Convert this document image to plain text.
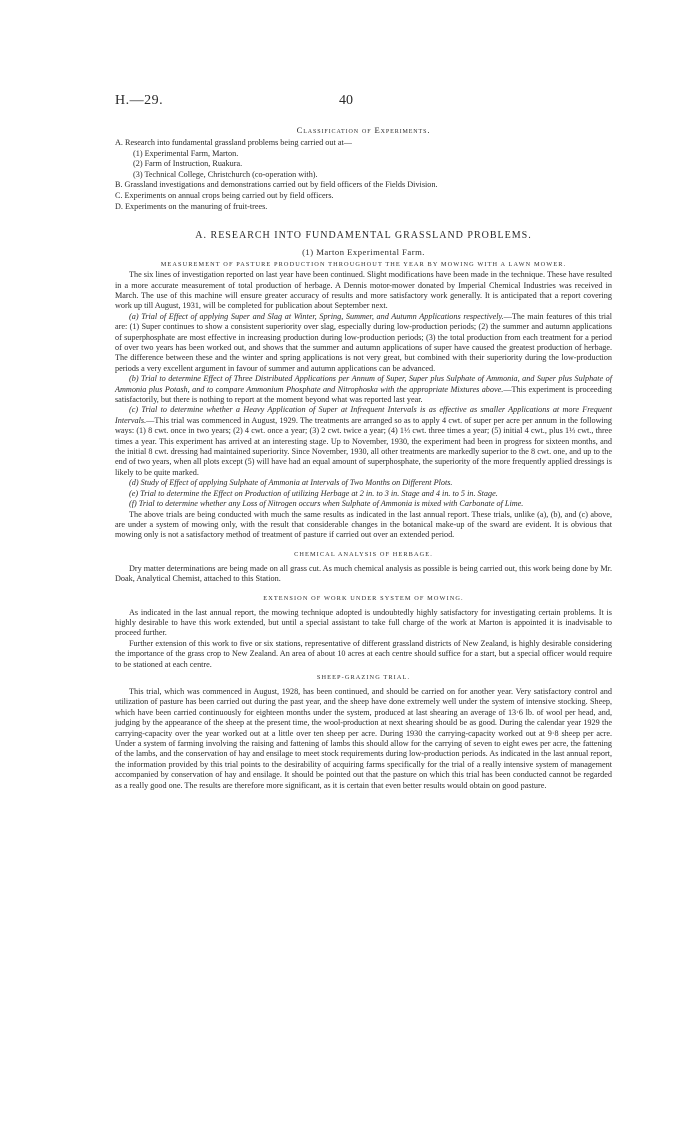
H.—29.	40
Classification of Experiments.
A. Research into fundamental grassland problems being carried out at—
(1) Experimental Farm, Marton.
(2) Farm of Instruction, Ruakura.
(3) Technical College, Christchurch (co-operation with).
B. Grassland investigations and demonstrations carried out by field officers of the Fields Division.
C. Experiments on annual crops being carried out by field officers.
D. Experiments on the manuring of fruit-trees.
A. RESEARCH INTO FUNDAMENTAL GRASSLAND PROBLEMS.
(1) Marton Experimental Farm.
MEASUREMENT OF PASTURE PRODUCTION THROUGHOUT THE YEAR BY MOWING WITH A LAWN MOWER.

The six lines of investigation reported on last year have been continued. Slight modifications have been made in the technique. These have resulted in a more accurate measurement of total production of herbage. A Dennis motor-mower donated by Imperial Chemical Industries was received in March. The use of this machine will ensure greater accuracy of results and more satisfactory work generally. It is anticipated that a report covering work up till August, 1931, will be completed for publication about September next.

(a) Trial of Effect of applying Super and Slag at Winter, Spring, Summer, and Autumn Applications respectively.—The main features of this trial are: (1) Super continues to show a consistent superiority over slag, especially during low-production periods; (2) the summer and autumn applications of superphosphate are most effective in increasing production during low-production periods; (3) the total production from each treatment for a period of over two years has been worked out, and shows that the summer and autumn applications of super have caused the greatest production of herbage. The difference between these and the winter and spring applications is not very great, but combined with their superiority during the low-production periods a very excellent argument in favour of summer and autumn applications can be advanced.

(b) Trial to determine Effect of Three Distributed Applications per Annum of Super, Super plus Sulphate of Ammonia, and Super plus Sulphate of Ammonia plus Potash, and to compare Ammonium Phosphate and Nitrophoska with the appropriate Mixtures above.—This experiment is proceeding satisfactorily, but there is nothing to report at the moment beyond what was reported last year.

(c) Trial to determine whether a Heavy Application of Super at Infrequent Intervals is as effective as smaller Applications at more Frequent Intervals.—This trial was commenced in August, 1929. The treatments are arranged so as to apply 4 cwt. of super per acre per annum in the following ways: (1) 8 cwt. once in two years; (2) 4 cwt. once a year; (3) 2 cwt. twice a year; (4) 1⅓ cwt. three times a year; (5) initial 4 cwt., plus 1⅓ cwt., three times a year. This experiment has arrived at an interesting stage. Up to November, 1930, the experiment had been in progress for sixteen months, and the initial 8 cwt. dressing had maintained superiority. Since November, 1930, all other treatments are markedly superior to the 8 cwt. one, and up to the end of two years, when all plots except (5) will have had an equal amount of superphosphate, the superiority of the more frequently applied dressings is likely to be quite marked.

(d) Study of Effect of applying Sulphate of Ammonia at Intervals of Two Months on Different Plots.

(e) Trial to determine the Effect on Production of utilizing Herbage at 2 in. to 3 in. Stage and 4 in. to 5 in. Stage.

(f) Trial to determine whether any Loss of Nitrogen occurs when Sulphate of Ammonia is mixed with Carbonate of Lime.

The above trials are being conducted with much the same results as indicated in the last annual report. These trials, unlike (a), (b), and (c) above, are under a system of mowing only, with the result that considerable changes in the botanical make-up of the sward are evident. It is obvious that mowing only is not a satisfactory method of treatment of pasture if carried out over an extended period.

CHEMICAL ANALYSIS OF HERBAGE.

Dry matter determinations are being made on all grass cut. As much chemical analysis as possible is being carried out, this work being done by Mr. Doak, Analytical Chemist, attached to this Station.

EXTENSION OF WORK UNDER SYSTEM OF MOWING.

As indicated in the last annual report, the mowing technique adopted is undoubtedly highly satisfactory for investigating certain problems. It is highly desirable to have this work extended, but until a special assistant to take full charge of the work at Marton is appointed it is inadvisable to proceed further.

Further extension of this work to five or six stations, representative of different grassland districts of New Zealand, is highly desirable considering the importance of the grass crop to New Zealand. An area of about 10 acres at each centre should suffice for a start, but a special officer would require to be stationed at each centre.

SHEEP-GRAZING TRIAL.

This trial, which was commenced in August, 1928, has been continued, and should be carried on for another year. Very satisfactory control and utilization of pasture has been carried out during the past year, and the sheep have done extremely well under the system of intensive stocking. Sheep, which have been carried continuously for eighteen months under the system, produced at last shearing an average of 13·6 lb. of wool per head, and, judging by the appearance of the sheep at the present time, the wool-production at next shearing should be as good. During the calendar year 1929 the carrying-capacity over the year worked out at a little over ten sheep per acre. During 1930 the carrying-capacity worked out at 9·8 sheep per acre. Under a system of farming involving the raising and fattening of lambs this should allow for the carrying of seven to eight ewes per acre, the fattening of the lambs, and the conservation of hay and ensilage to meet stock requirements during low-production periods. As indicated in the last annual report, the information provided by this trial points to the desirability of acquiring farms specifically for the trial of a really intensive system of management accompanied by conservation of hay and ensilage. It should be pointed out that the pasture on which this trial has been conducted cannot be regarded as a really good one. The results are therefore more significant, as it is certain that even better results would obtain on good pasture.
